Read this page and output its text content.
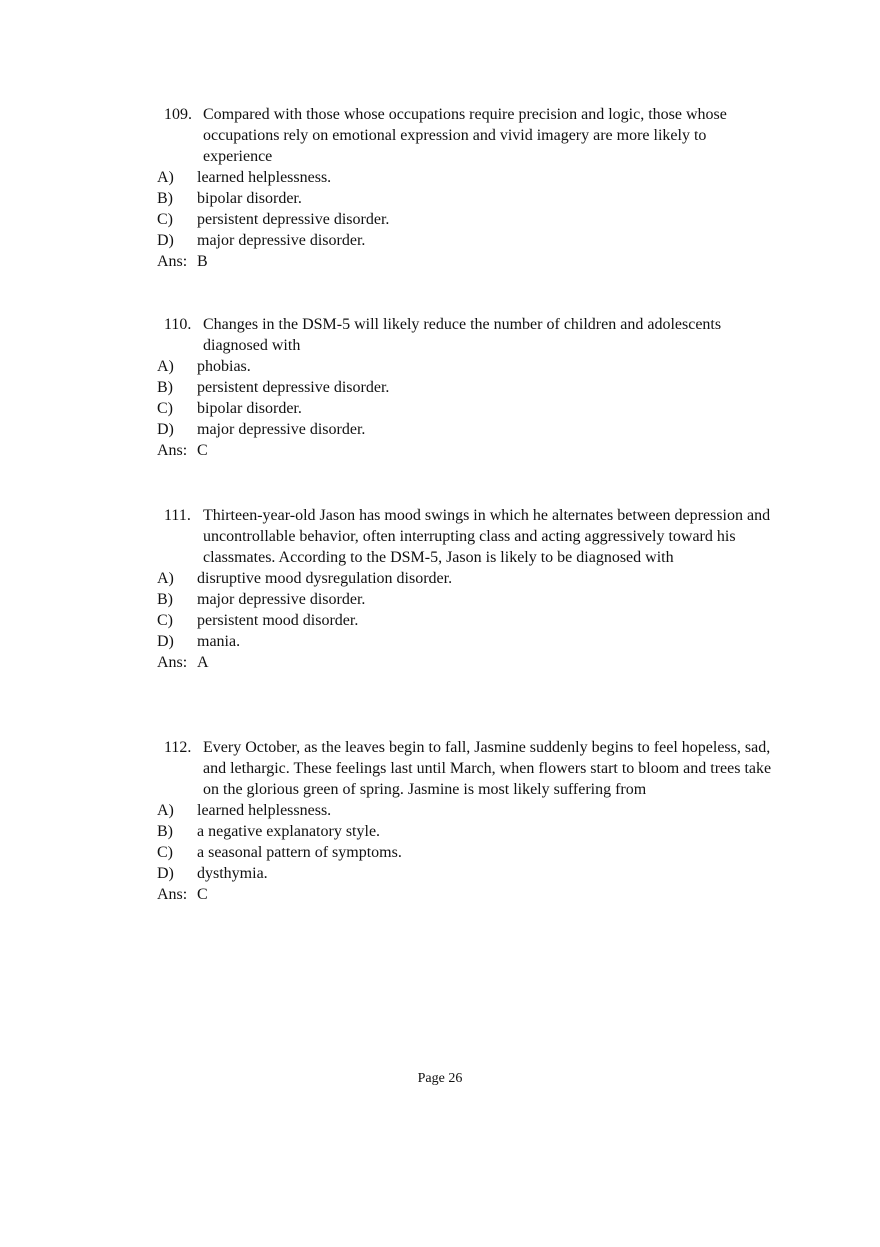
109. Compared with those whose occupations require precision and logic, those whose occupations rely on emotional expression and vivid imagery are more likely to experience
A) learned helplessness.
B) bipolar disorder.
C) persistent depressive disorder.
D) major depressive disorder.
Ans: B
110. Changes in the DSM-5 will likely reduce the number of children and adolescents diagnosed with
A) phobias.
B) persistent depressive disorder.
C) bipolar disorder.
D) major depressive disorder.
Ans: C
111. Thirteen-year-old Jason has mood swings in which he alternates between depression and uncontrollable behavior, often interrupting class and acting aggressively toward his classmates. According to the DSM-5, Jason is likely to be diagnosed with
A) disruptive mood dysregulation disorder.
B) major depressive disorder.
C) persistent mood disorder.
D) mania.
Ans: A
112. Every October, as the leaves begin to fall, Jasmine suddenly begins to feel hopeless, sad, and lethargic. These feelings last until March, when flowers start to bloom and trees take on the glorious green of spring. Jasmine is most likely suffering from
A) learned helplessness.
B) a negative explanatory style.
C) a seasonal pattern of symptoms.
D) dysthymia.
Ans: C
Page 26
